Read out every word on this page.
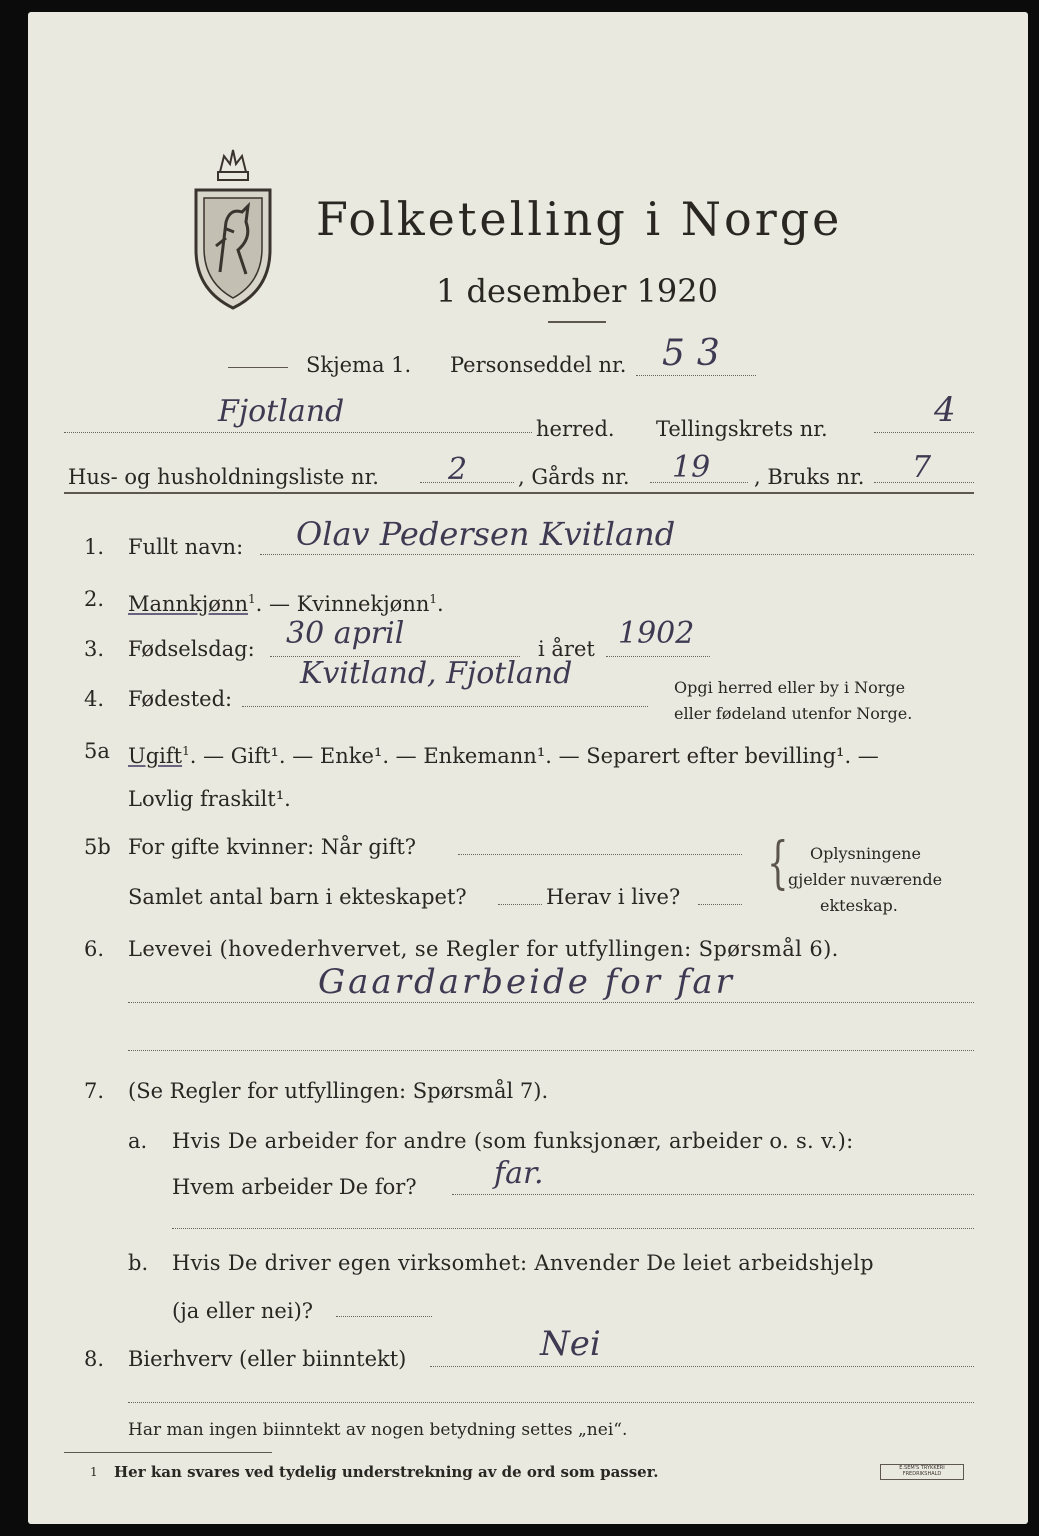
Folketelling i Norge
1 desember 1920
Skjema 1. Personseddel nr. 53
Fjotland	herred. Tellingskrets nr.	4
Hus- og husholdningsliste nr. 2 , Gårds nr. 19 , Bruks nr. 7
1. Fullt navn: Olav Pedersen Kvitland
2. Mannkjønn$^1$. — Kvinnekjønn$^1$.
3. Fødselsdag: 30 april	i året 1902
4. Fødested:
Kvitland, Fjotland	Opgi herred eller by i Norge
eller fødeland utenfor Norge.
5a Ugift$^1$. — Gift¹. — Enke¹. — Enkemann¹. — Separert efter bevilling¹. —
Lovlig fraskilt¹.
5b For gifte kvinner: Når gift?
Samlet antal barn i ekteskapet?	Herav i live?
{ Oplysningene
gjelder nuværende
ekteskap.
6. Levevei (hovederhvervet, se Regler for utfyllingen: Spørsmål 6).
Gaardarbeide for far
7. (Se Regler for utfyllingen: Spørsmål 7).
a. Hvis De arbeider for andre (som funksjonær, arbeider o. s. v.):
Hvem arbeider De for?	far.
b. Hvis De driver egen virksomhet: Anvender De leiet arbeidshjelp
(ja eller nei)?
8. Bierhverv (eller biinntekt)	Nei
Har man ingen biinntekt av nogen betydning settes „nei“.
1 Her kan svares ved tydelig understrekning av de ord som passer.	E.SEM'S TRYKKERI FREDRIKSHALD
